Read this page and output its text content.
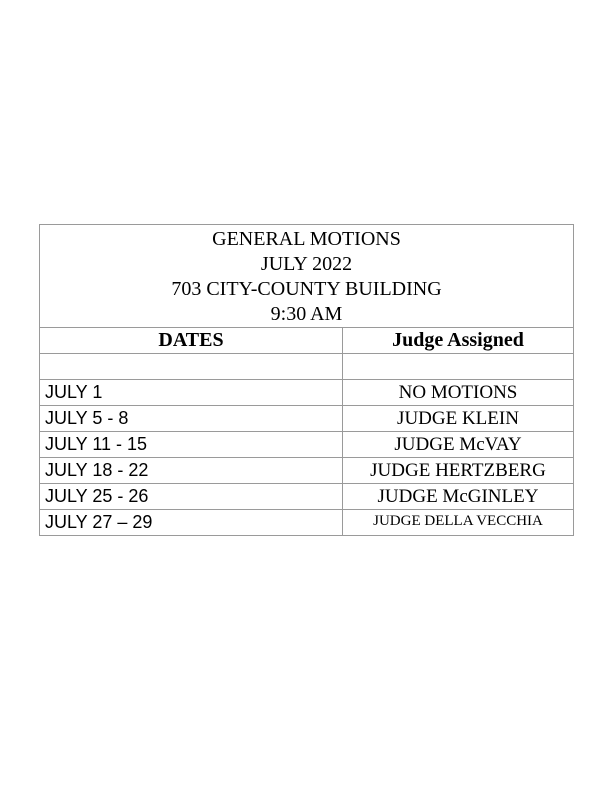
GENERAL MOTIONS
JULY 2022
703 CITY-COUNTY BUILDING
9:30 AM	

DATES	Judge Assigned

JULY 1	NO MOTIONS
JULY 5 - 8	JUDGE KLEIN
JULY 11 - 15	JUDGE McVAY
JULY 18 - 22	JUDGE HERTZBERG
JULY 25 - 26	JUDGE McGINLEY
JULY 27 – 29	JUDGE DELLA VECCHIA
